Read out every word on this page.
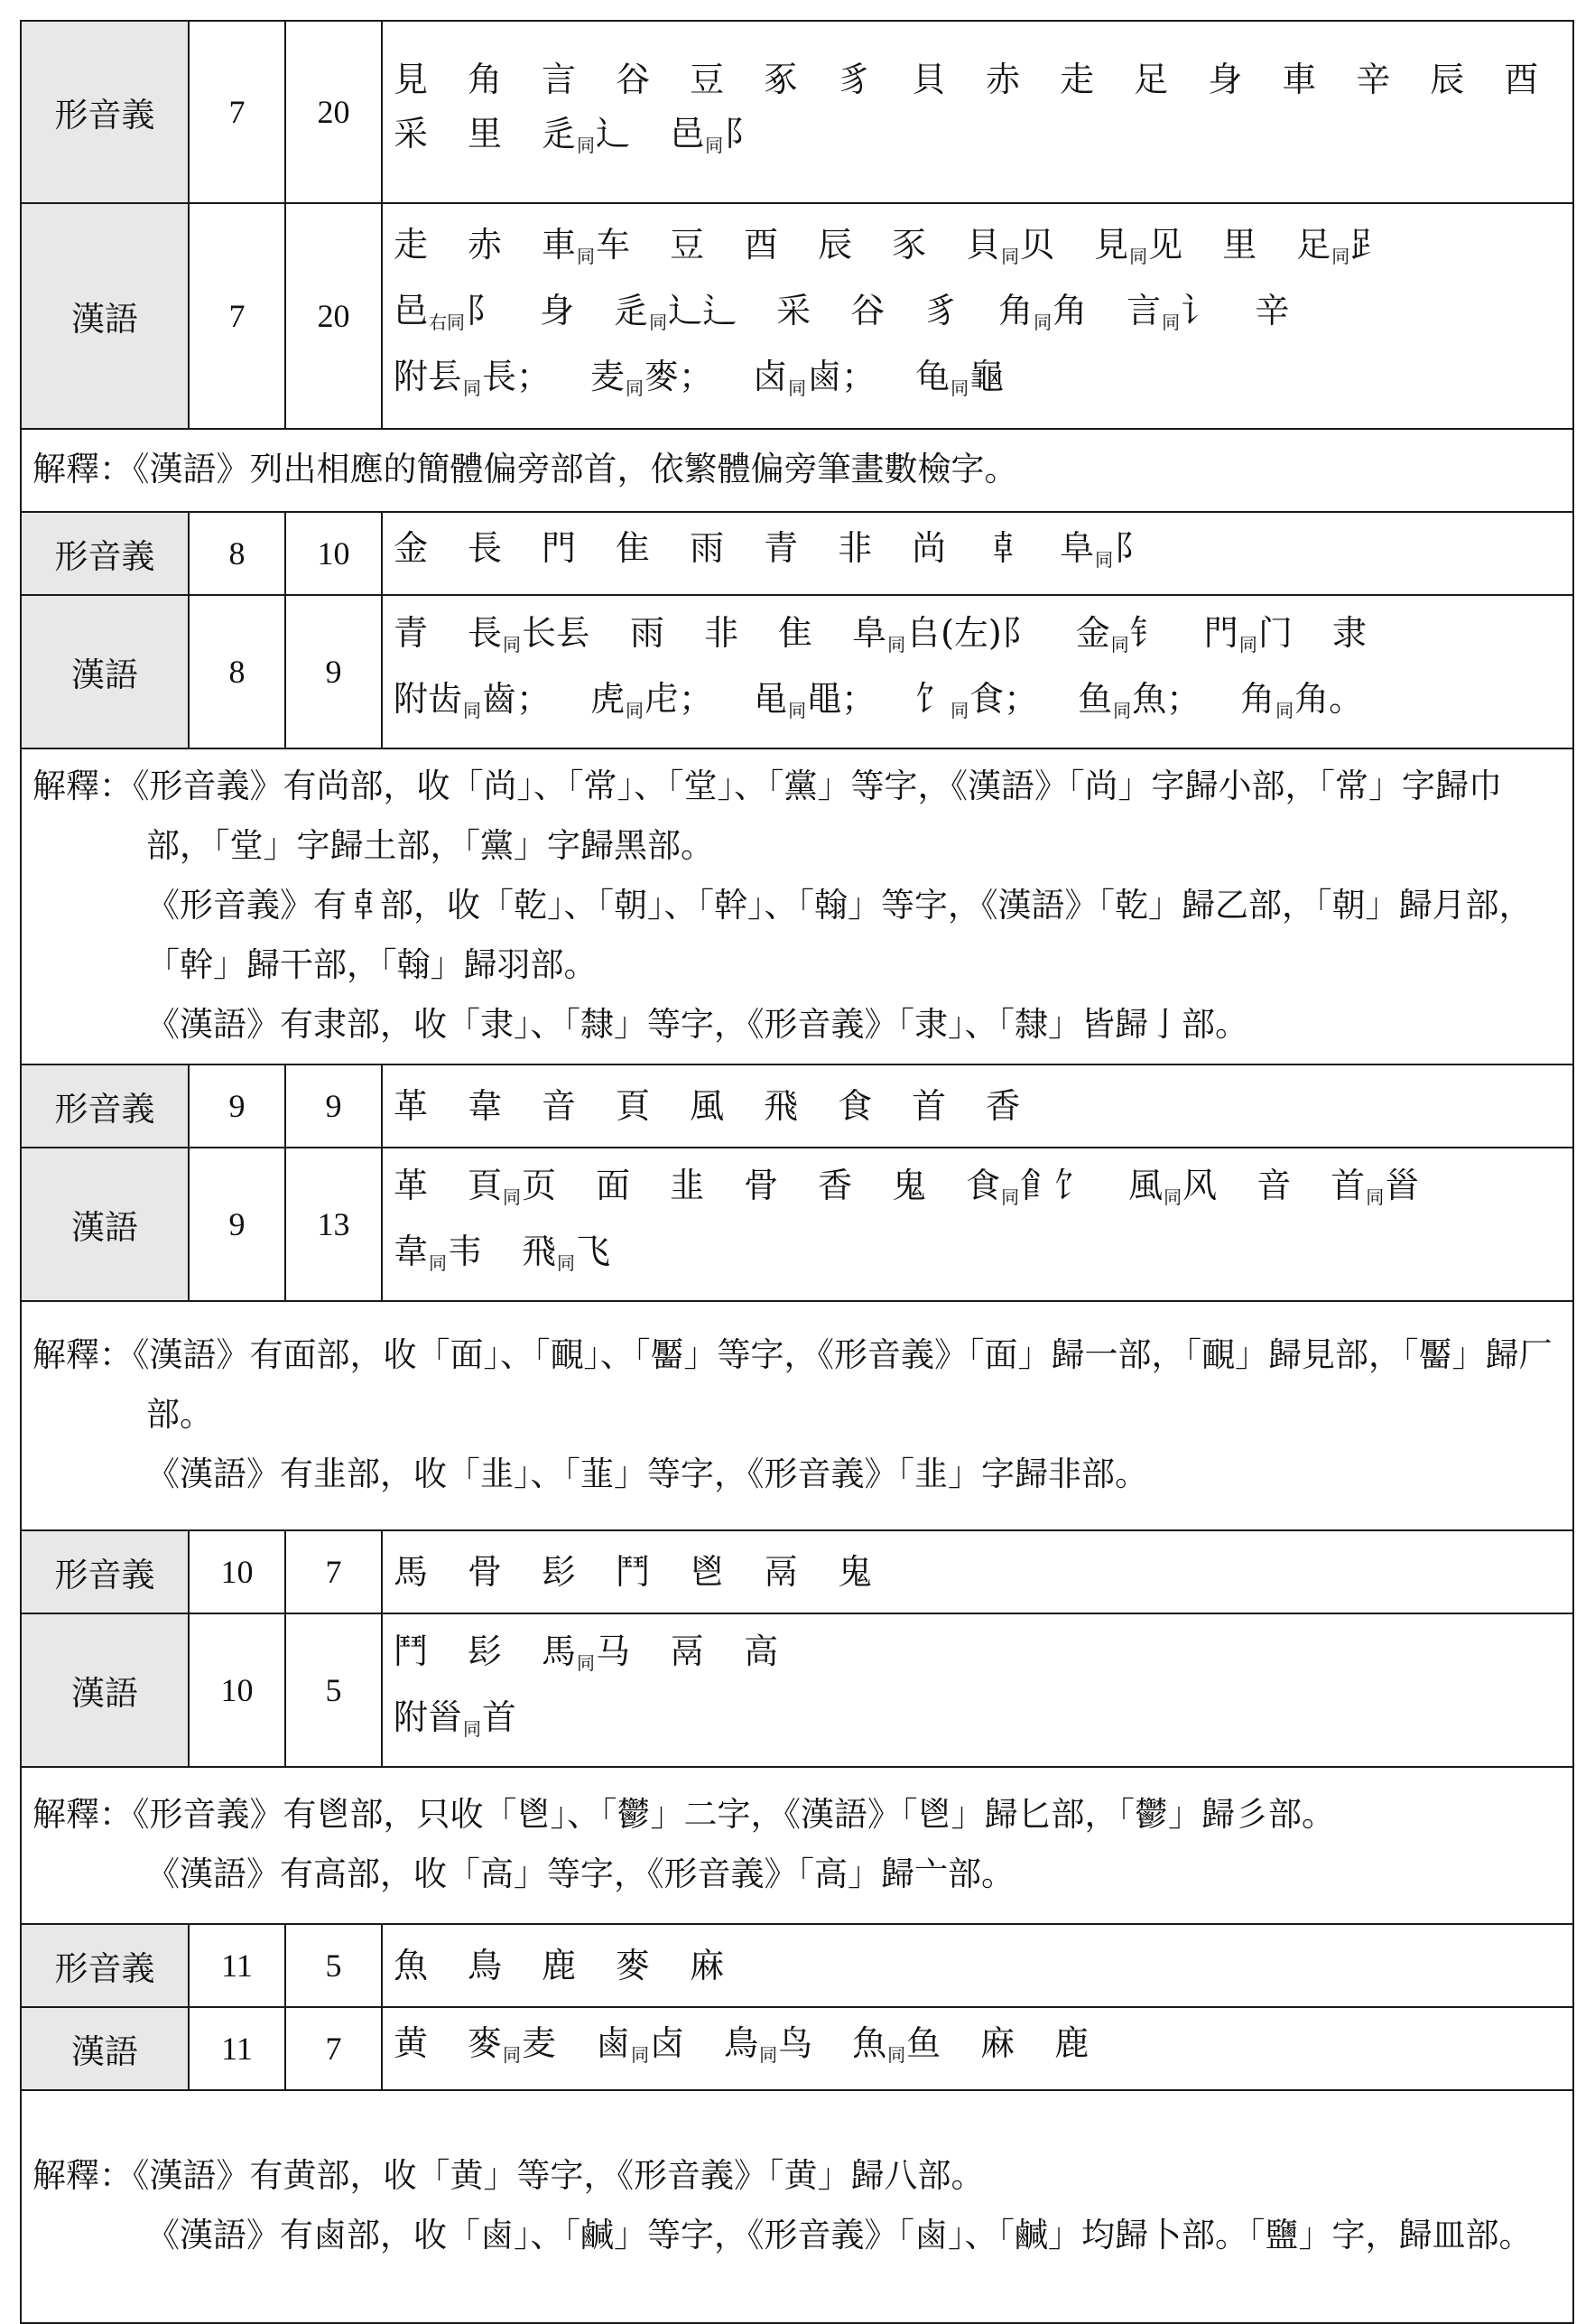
形音義	7	20	見 角 言 谷 豆 豖 豸 貝 赤 走 足 身 車 辛 辰 酉
采 里 辵$_同$辶 邑$_同$阝

漢語	7	20	走 赤 車$_同$车 豆 酉 辰 豕 貝$_同$贝 見$_同$见 里 足$_同$𧾷
邑$_{右同}$阝 身 辵$_同$⻌⻍ 采 谷 豸 角$_同$⻆ 言$_同$讠 辛
附镸$_同$長； 麦$_同$麥； 卤$_同$鹵； 龟$_同$龜

解釋：《漢語》列出相應的簡體偏旁部首，依繁體偏旁筆畫數檢字。			

形音義	8	10	金 長 門 隹 雨 青 非 尚 𠦝 阜$_同$阝

漢語	8	9	青 長$_同$长镸 雨 非 隹 阜$_同$𠂤(左)阝 金$_同$钅 門$_同$门 隶
附齿$_同$齒； 虎$_同$虍； 黾$_同$黽； 饣$_同$食； 鱼$_同$魚； ⻆$_同$角。

解釋：《形音義》有尚部，收「尚」、「常」、「堂」、「黨」等字，《漢語》「尚」字歸小部，「常」字歸巾部，「堂」字歸土部，「黨」字歸黑部。

《形音義》有𠦝部，收「乾」、「朝」、「幹」、「翰」等字，《漢語》「乾」歸乙部，「朝」歸月部，「幹」歸干部，「翰」歸羽部。

《漢語》有隶部，收「隶」、「隸」等字，《形音義》「隶」、「隸」皆歸亅部。			

形音義	9	9	革 韋 音 頁 風 飛 食 首 香

漢語	9	13	革 頁$_同$页 面 韭 骨 香 鬼 食$_同$𩙿饣 風$_同$风 音 首$_同$𩠐
韋$_同$韦 飛$_同$飞

解釋：《漢語》有面部，收「面」、「靦」、「靨」等字，《形音義》「面」歸一部，「靦」歸見部，「靨」歸厂部。

《漢語》有韭部，收「韭」、「韮」等字，《形音義》「韭」字歸非部。			

形音義	10	7	馬 骨 髟 鬥 鬯 鬲 鬼

漢語	10	5	鬥 髟 馬$_同$马 鬲 高
附𩠐$_同$首

解釋：《形音義》有鬯部，只收「鬯」、「鬱」二字，《漢語》「鬯」歸匕部，「鬱」歸彡部。

《漢語》有高部，收「高」等字，《形音義》「高」歸亠部。			

形音義	11	5	魚 鳥 鹿 麥 麻

漢語	11	7	黄 麥$_同$麦 鹵$_同$卤 鳥$_同$鸟 魚$_同$鱼 麻 鹿

解釋：《漢語》有黄部，收「黄」等字，《形音義》「黄」歸八部。

《漢語》有鹵部，收「鹵」、「鹹」等字，《形音義》「鹵」、「鹹」均歸卜部。「鹽」字，歸皿部。			
